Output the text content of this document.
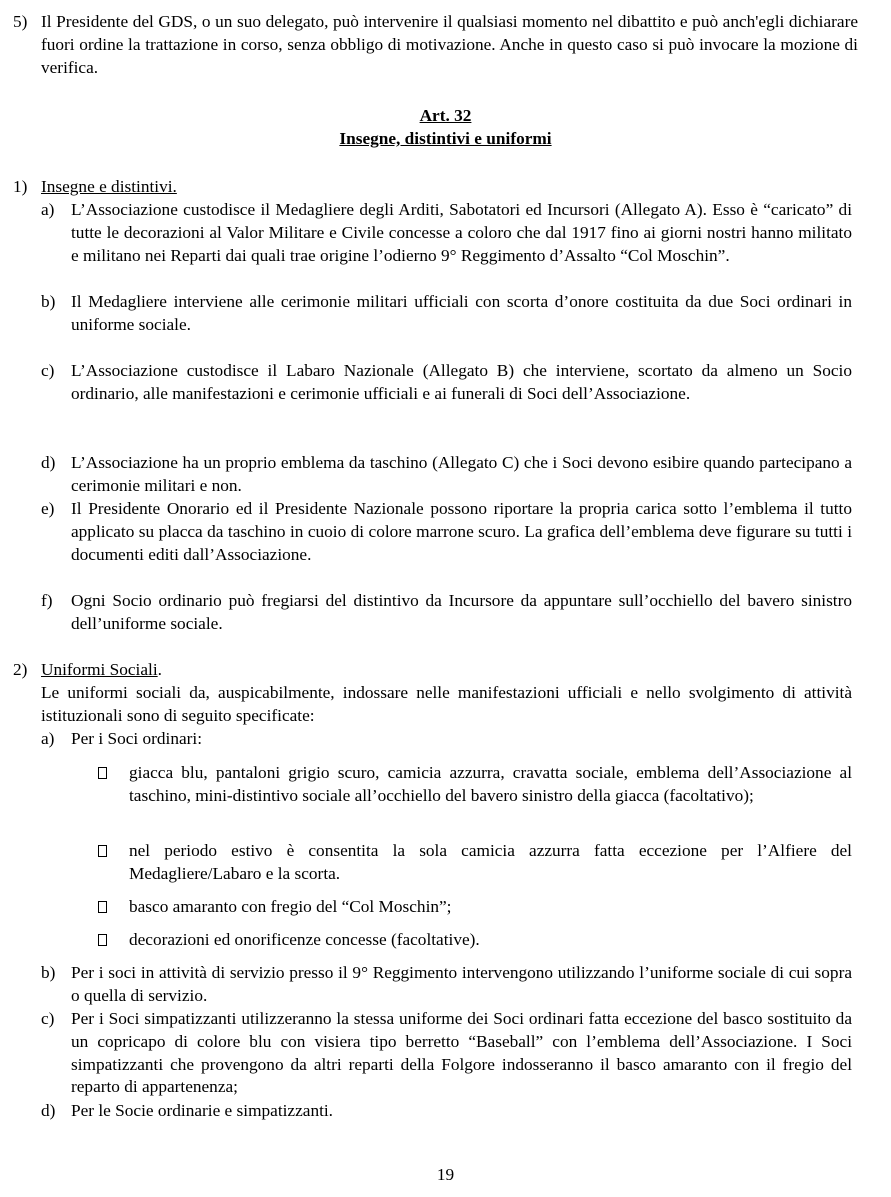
5) Il Presidente del GDS, o un suo delegato, può intervenire il qualsiasi momento nel dibattito e può anch'egli dichiarare fuori ordine la trattazione in corso, senza obbligo di motivazione. Anche in questo caso si può invocare la mozione di verifica.
Art. 32
Insegne, distintivi e uniformi
1) Insegne e distintivi.
a) L’Associazione custodisce il Medagliere degli Arditi, Sabotatori ed Incursori (Allegato A). Esso è “caricato” di tutte le decorazioni al Valor Militare e Civile concesse a coloro che dal 1917 fino ai giorni nostri hanno militato e militano nei Reparti dai quali trae origine l’odierno 9° Reggimento d’Assalto “Col Moschin”.
b) Il Medagliere interviene alle cerimonie militari ufficiali con scorta d’onore costituita da due Soci ordinari in uniforme sociale.
c) L’Associazione custodisce il Labaro Nazionale (Allegato B) che interviene, scortato da almeno un Socio ordinario, alle manifestazioni e cerimonie ufficiali e ai funerali di Soci dell’Associazione.
d) L’Associazione ha un proprio emblema da taschino (Allegato C) che i Soci devono esibire quando partecipano a cerimonie militari e non.
e) Il Presidente Onorario ed il Presidente Nazionale possono riportare la propria carica sotto l’emblema il tutto applicato su placca da taschino in cuoio di colore marrone scuro. La grafica dell’emblema deve figurare su tutti i documenti editi dall’Associazione.
f)	Ogni Socio ordinario può fregiarsi del distintivo da Incursore da appuntare sull’occhiello del bavero sinistro dell’uniforme sociale.
2) Uniformi Sociali.
Le uniformi sociali da, auspicabilmente, indossare nelle manifestazioni ufficiali e nello svolgimento di attività istituzionali sono di seguito specificate:
a) Per i Soci ordinari:
giacca blu, pantaloni grigio scuro, camicia azzurra, cravatta sociale, emblema dell’Associazione al taschino, mini-distintivo sociale all’occhiello del bavero sinistro della giacca (facoltativo);
nel periodo estivo è consentita la sola camicia azzurra fatta eccezione per l’Alfiere del Medagliere/Labaro e la scorta.
basco amaranto con fregio del “Col Moschin”;
decorazioni ed onorificenze concesse (facoltative).
b) Per i soci in attività di servizio presso il 9° Reggimento intervengono utilizzando l’uniforme sociale di cui sopra o quella di servizio.
c) Per i Soci simpatizzanti utilizzeranno la stessa uniforme dei Soci ordinari fatta eccezione del basco sostituito da un copricapo di colore blu con visiera tipo berretto “Baseball” con l’emblema dell’Associazione. I Soci simpatizzanti che provengono da altri reparti della Folgore indosseranno il basco amaranto con il fregio del reparto di appartenenza;
d) Per le Socie ordinarie e simpatizzanti.
19
